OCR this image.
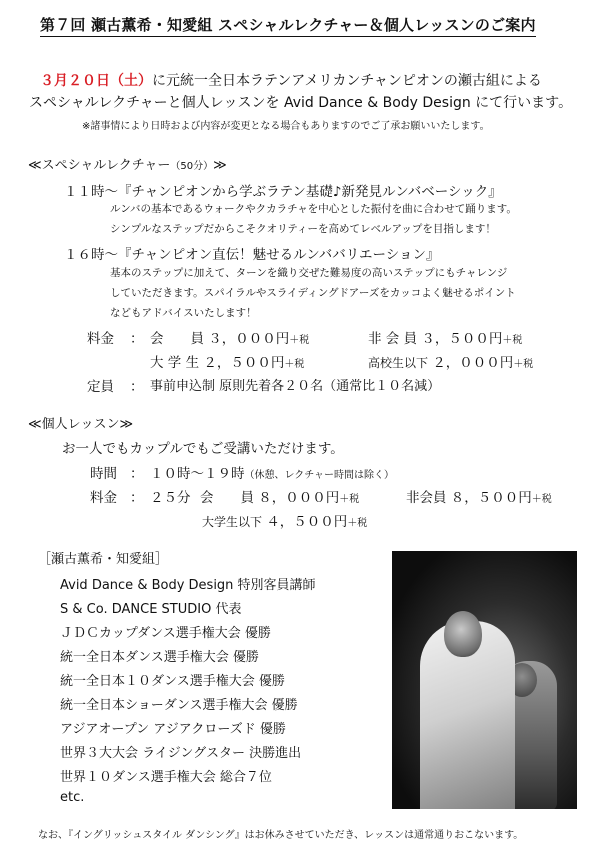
第７回 瀬古薫希・知愛組 スペシャルレクチャー＆個人レッスンのご案内
３月２０日（土）に元統一全日本ラテンアメリカンチャンピオンの瀬古組による
スペシャルレクチャーと個人レッスンを Avid Dance & Body Design にて行います。
※諸事情により日時および内容が変更となる場合もありますのでご了承お願いいたします。
≪スペシャルレクチャー（50分）≫
１１時～『チャンピオンから学ぶラテン基礎♪新発見ルンバベーシック』
ルンバの基本であるウォークやクカラチャを中心とした振付を曲に合わせて踊ります。
シンプルなステップだからこそクオリティーを高めてレベルアップを目指します！
１６時～『チャンピオン直伝！魅せるルンババリエーション』
基本のステップに加えて、ターンを織り交ぜた難易度の高いステップにもチャレンジ
していただきます。スパイラルやスライディングドアーズをカッコよく魅せるポイント
などもアドバイスいたします！
料金 ： 会　　員 ３，０００円＋税	非 会 員 ３，５００円＋税
大 学 生 ２，５００円＋税	高校生以下 ２，０００円＋税
定員 ： 事前申込制 原則先着各２０名（通常比１０名減）
≪個人レッスン≫
お一人でもカップルでもご受講いただけます。
時間 ： １０時～１９時（休憩、レクチャー時間は除く）
料金 ： ２５分 会　　員 ８，０００円＋税	非会員 ８，５００円＋税
大学生以下 ４，５００円＋税
［瀬古薫希・知愛組］
Avid Dance & Body Design 特別客員講師
S & Co. DANCE STUDIO 代表
ＪＤＣカップダンス選手権大会 優勝
統一全日本ダンス選手権大会 優勝
統一全日本１０ダンス選手権大会 優勝
統一全日本ショーダンス選手権大会 優勝
アジアオープン アジアクローズド 優勝
世界３大大会 ライジングスター 決勝進出
世界１０ダンス選手権大会 総合７位
etc.
なお、『イングリッシュスタイル ダンシング』はお休みさせていただき、レッスンは通常通りおこないます。
